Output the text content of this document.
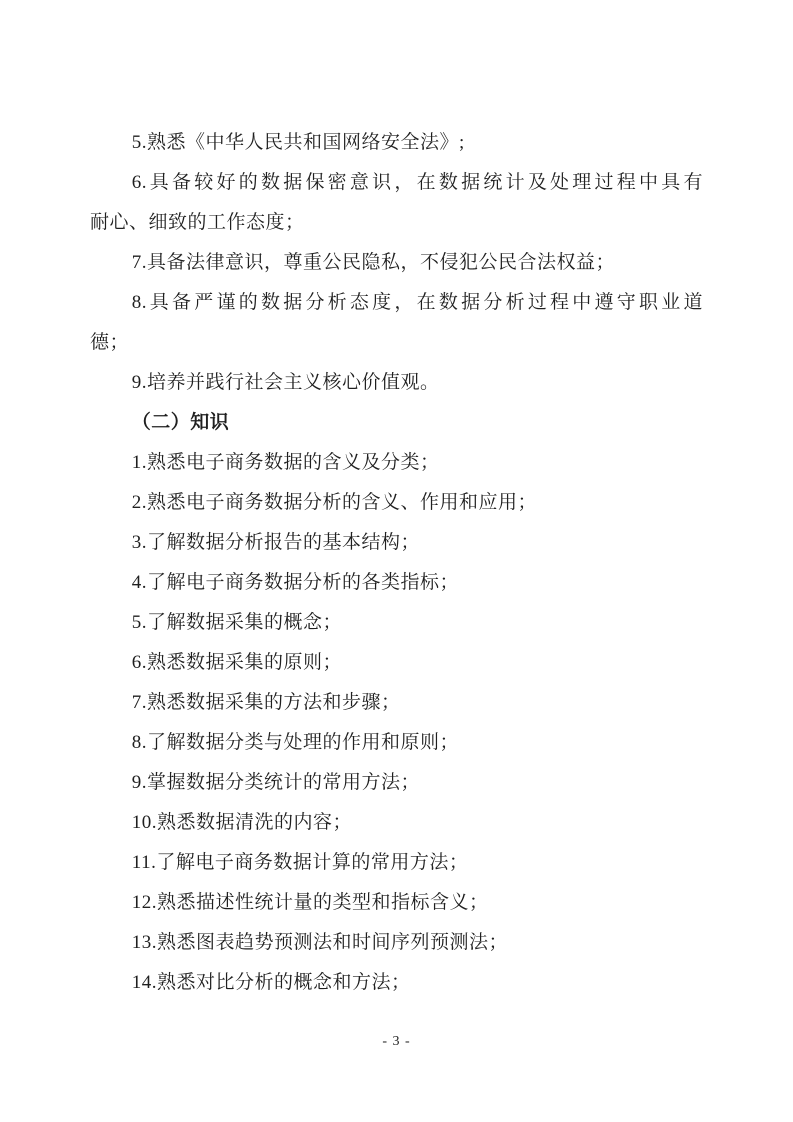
5.熟悉《中华人民共和国网络安全法》;
6.具备较好的数据保密意识，在数据统计及处理过程中具有
耐心、细致的工作态度；
7.具备法律意识，尊重公民隐私，不侵犯公民合法权益；
8.具备严谨的数据分析态度，在数据分析过程中遵守职业道
德；
9.培养并践行社会主义核心价值观。
（二）知识
1.熟悉电子商务数据的含义及分类；
2.熟悉电子商务数据分析的含义、作用和应用；
3.了解数据分析报告的基本结构；
4.了解电子商务数据分析的各类指标；
5.了解数据采集的概念；
6.熟悉数据采集的原则；
7.熟悉数据采集的方法和步骤；
8.了解数据分类与处理的作用和原则；
9.掌握数据分类统计的常用方法；
10.熟悉数据清洗的内容；
11.了解电子商务数据计算的常用方法；
12.熟悉描述性统计量的类型和指标含义；
13.熟悉图表趋势预测法和时间序列预测法；
14.熟悉对比分析的概念和方法；
- 3 -
